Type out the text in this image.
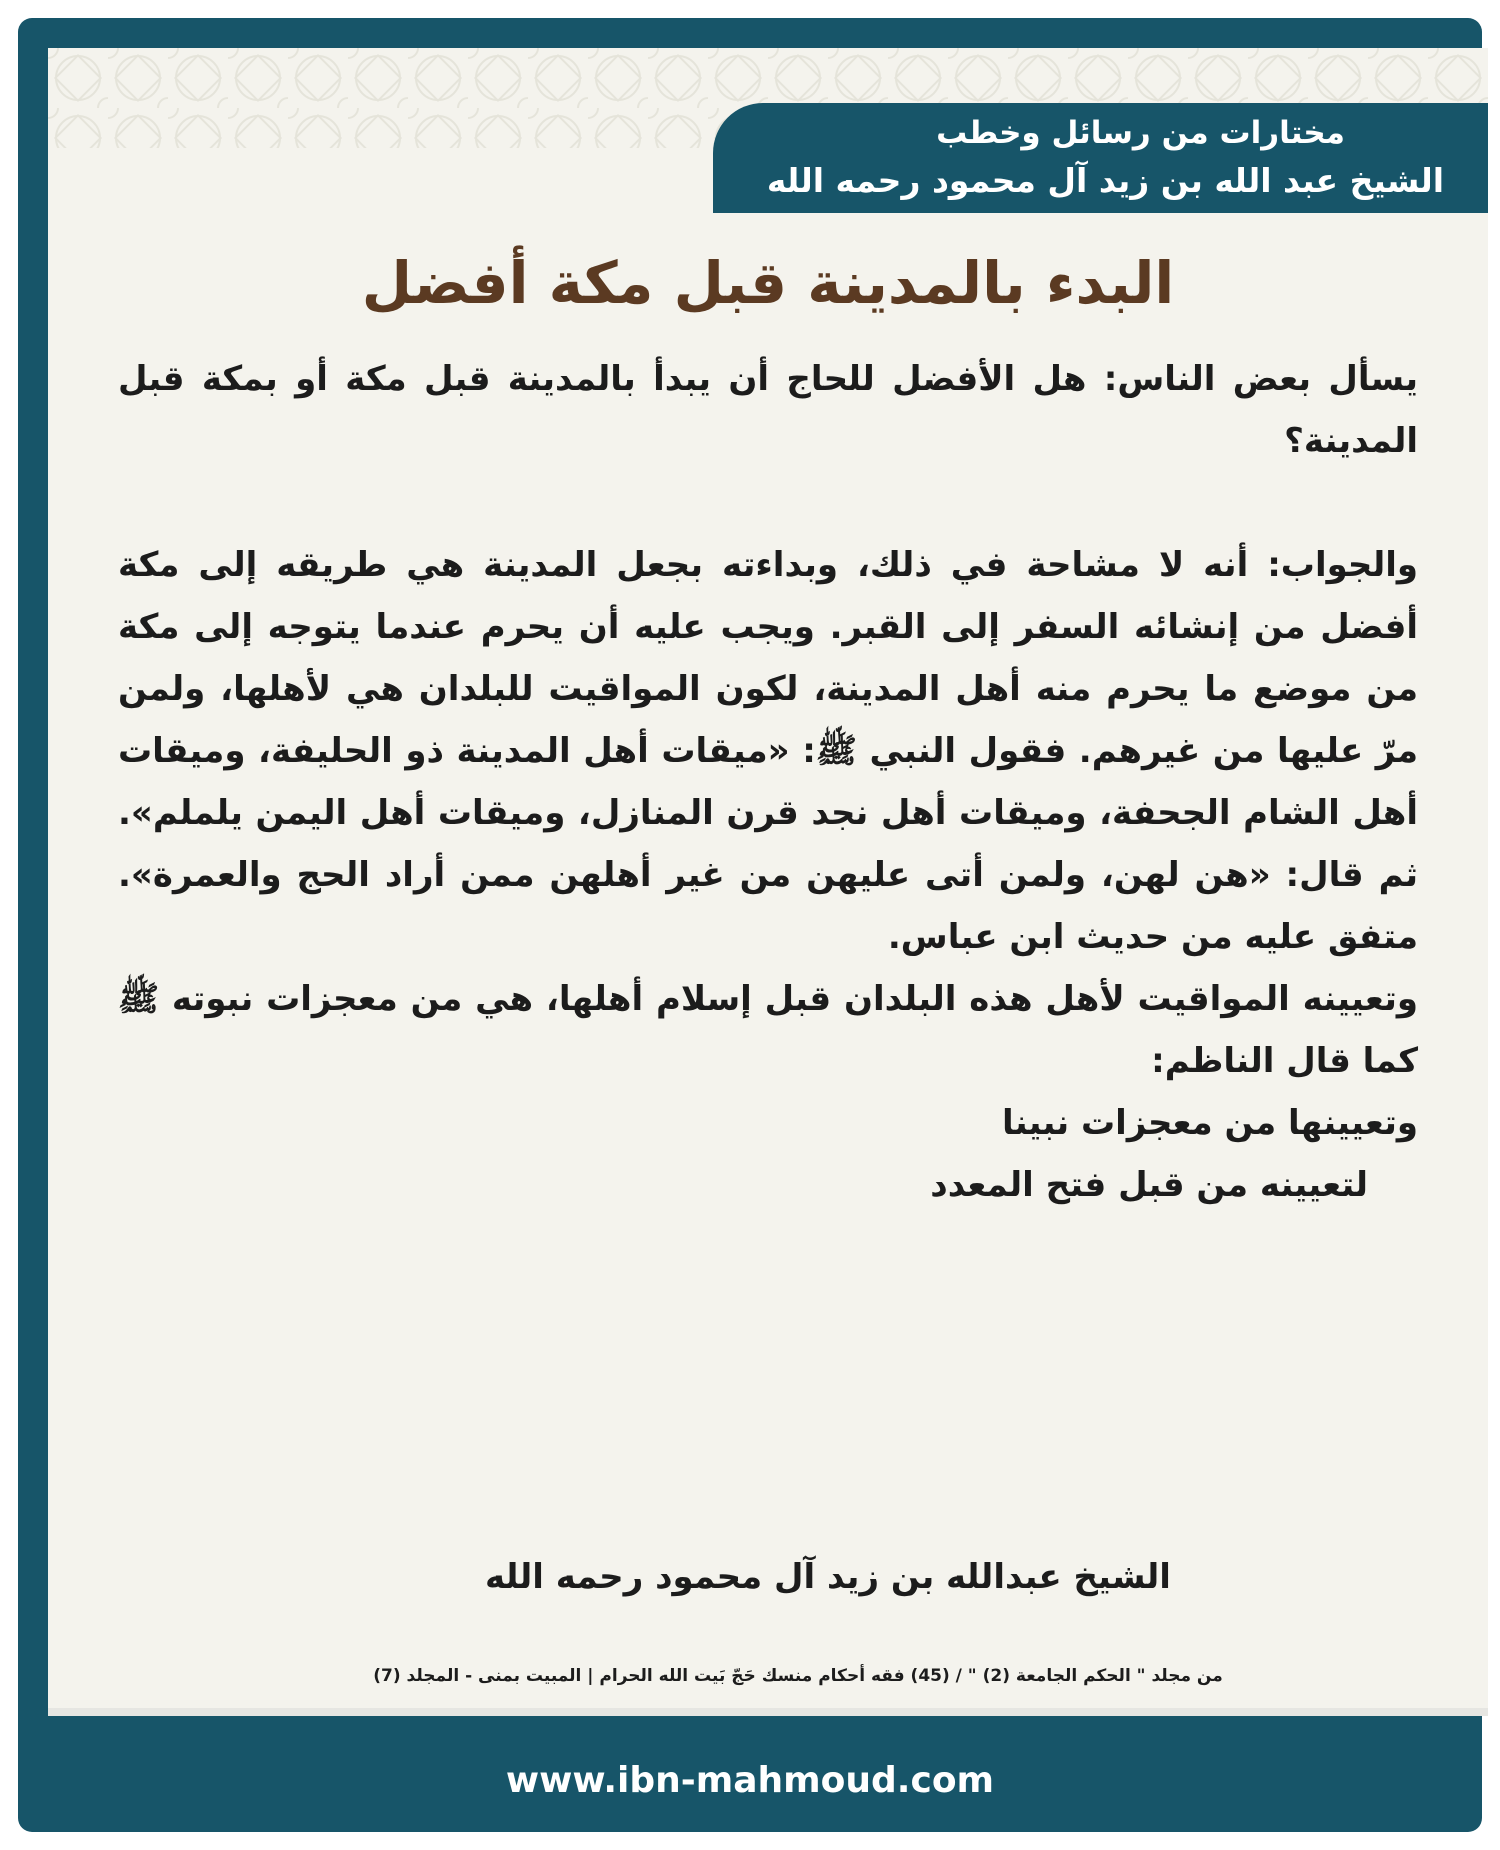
مختارات من رسائل وخطب
الشيخ عبد الله بن زيد آل محمود رحمه الله
البدء بالمدينة قبل مكة أفضل

يسأل بعض الناس: هل الأفضل للحاج أن يبدأ بالمدينة قبل مكة أو بمكة قبل المدينة؟

والجواب: أنه لا مشاحة في ذلك، وبداءته بجعل المدينة هي طريقه إلى مكة أفضل من إنشائه السفر إلى القبر. ويجب عليه أن يحرم عندما يتوجه إلى مكة من موضع ما يحرم منه أهل المدينة، لكون المواقيت للبلدان هي لأهلها، ولمن مرّ عليها من غيرهم. فقول النبي ﷺ: «ميقات أهل المدينة ذو الحليفة، وميقات أهل الشام الجحفة، وميقات أهل نجد قرن المنازل، وميقات أهل اليمن يلملم». ثم قال: «هن لهن، ولمن أتى عليهن من غير أهلهن ممن أراد الحج والعمرة». متفق عليه من حديث ابن عباس.

وتعيينه المواقيت لأهل هذه البلدان قبل إسلام أهلها، هي من معجزات نبوته ﷺ كما قال الناظم:

وتعيينها من معجزات نبينا

لتعيينه من قبل فتح المعدد

الشيخ عبدالله بن زيد آل محمود رحمه الله
من مجلد " الحكم الجامعة (2) " / (45) فقه أحكام منسك حَجّ بَيت الله الحرام | المبيت بمنى - المجلد (7)
www.ibn-mahmoud.com
